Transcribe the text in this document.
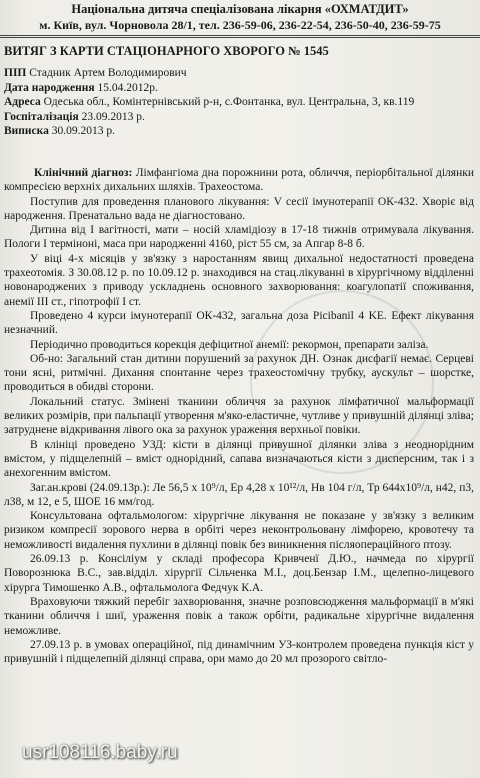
Національна дитяча спеціалізована лікарня «ОХМАТДИТ»
м. Київ, вул. Чорновола 28/1, тел. 236-59-06, 236-22-54, 236-50-40, 236-59-75
ВИТЯГ З КАРТИ СТАЦІОНАРНОГО ХВОРОГО № 1545
ПІП Стадник Артем Володимирович
Дата народження 15.04.2012р.
Адреса Одеська обл., Комінтернівський р-н, с.Фонтанка, вул. Центральна, 3, кв.119
Госпіталізація 23.09.2013 р.
Виписка 30.09.2013 р.

Клінічний діагноз: Лімфангіома дна порожнини рота, обличчя, періорбітальної ділянки компресією верхніх дихальних шляхів. Трахеостома.

Поступив для проведення планового лікування: V сесії імунотерапії ОК-432. Хворіє від народження. Пренатально вада не діагностовано.

Дитина від І вагітності, мати – носій хламідіозу в 17-18 тижнів отримувала лікування. Пологи І терміноні, маса при народженні 4160, ріст 55 см, за Апгар 8-8 б.

У віці 4-х місяців у зв'язку з наростанням явищ дихальної недостатності проведена трахеотомія. З 30.08.12 р. по 10.09.12 р. знаходився на стац.лікуванні в хірургічному відділенні новонароджених з приводу ускладнень основного захворювання: коагулопатії споживання, анемії ІІІ ст., гіпотрофії І ст.

Проведено 4 курси імунотерапії ОК-432, загальна доза Picibanil 4 KE. Ефект лікування незначний.

Періодично проводиться корекція дефіцитної анемії: рекормон, препарати заліза.

Об-но: Загальний стан дитини порушений за рахунок ДН. Ознак дисфагії немає. Серцеві тони ясні, ритмічні. Дихання спонтанне через трахеостомічну трубку, аускульт – шорстке, проводиться в обидві сторони.

Локальний статус. Змінені тканини обличчя за рахунок лімфатичної мальформації великих розмірів, при пальпації утворення м'яко-еластичне, чутливе у привушній ділянці зліва; затруднене відкривання лівого ока за рахунок ураження верхньої повіки.

В клініці проведено УЗД: кісти в ділянці привушної ділянки зліва з неоднорідним вмістом, у підщелепній – вміст однорідний, сапава визначаються кісти з дисперсним, так і з анехогенним вмістом.

Заг.ан.крові (24.09.13р.): Лe 56,5 х 10⁹/л, Ер 4,28 х 10¹²/л, Нв 104 г/л, Тр 644х10⁹/л, н42, п3, л38, м 12, е 5, ШОЕ 16 мм/год.

Консультована офтальмологом: хірургічне лікування не показане у зв'язку з великим ризиком компресії зорового нерва в орбіті через неконтрольовану лімфорею, кровотечу та неможливості видалення пухлини в ділянці повік без виникнення післяопераційного птозу.

26.09.13 р. Консіліум у складі професора Кривченї Д.Ю., начмеда по хірургії Поворознюка В.С., зав.відділ. хірургії Сільченка М.І., доц.Бензар І.М., щелепно-лицевого хірурга Тимошенко А.В., офтальмолога Федчук К.А.

Враховуючи тяжкий перебіг захворювання, значне розповсюдження мальформації в м'які тканини обличчя і шиї, ураження повік а також орбіти, радикальне хірургічне видалення неможливе.

27.09.13 р. в умовах операційної, під динамічним УЗ-контролем проведена пункція кіст у привушній і підщелепній ділянці справа, ори мамо до 20 мл прозорого світло-

usr108116.baby.ru
